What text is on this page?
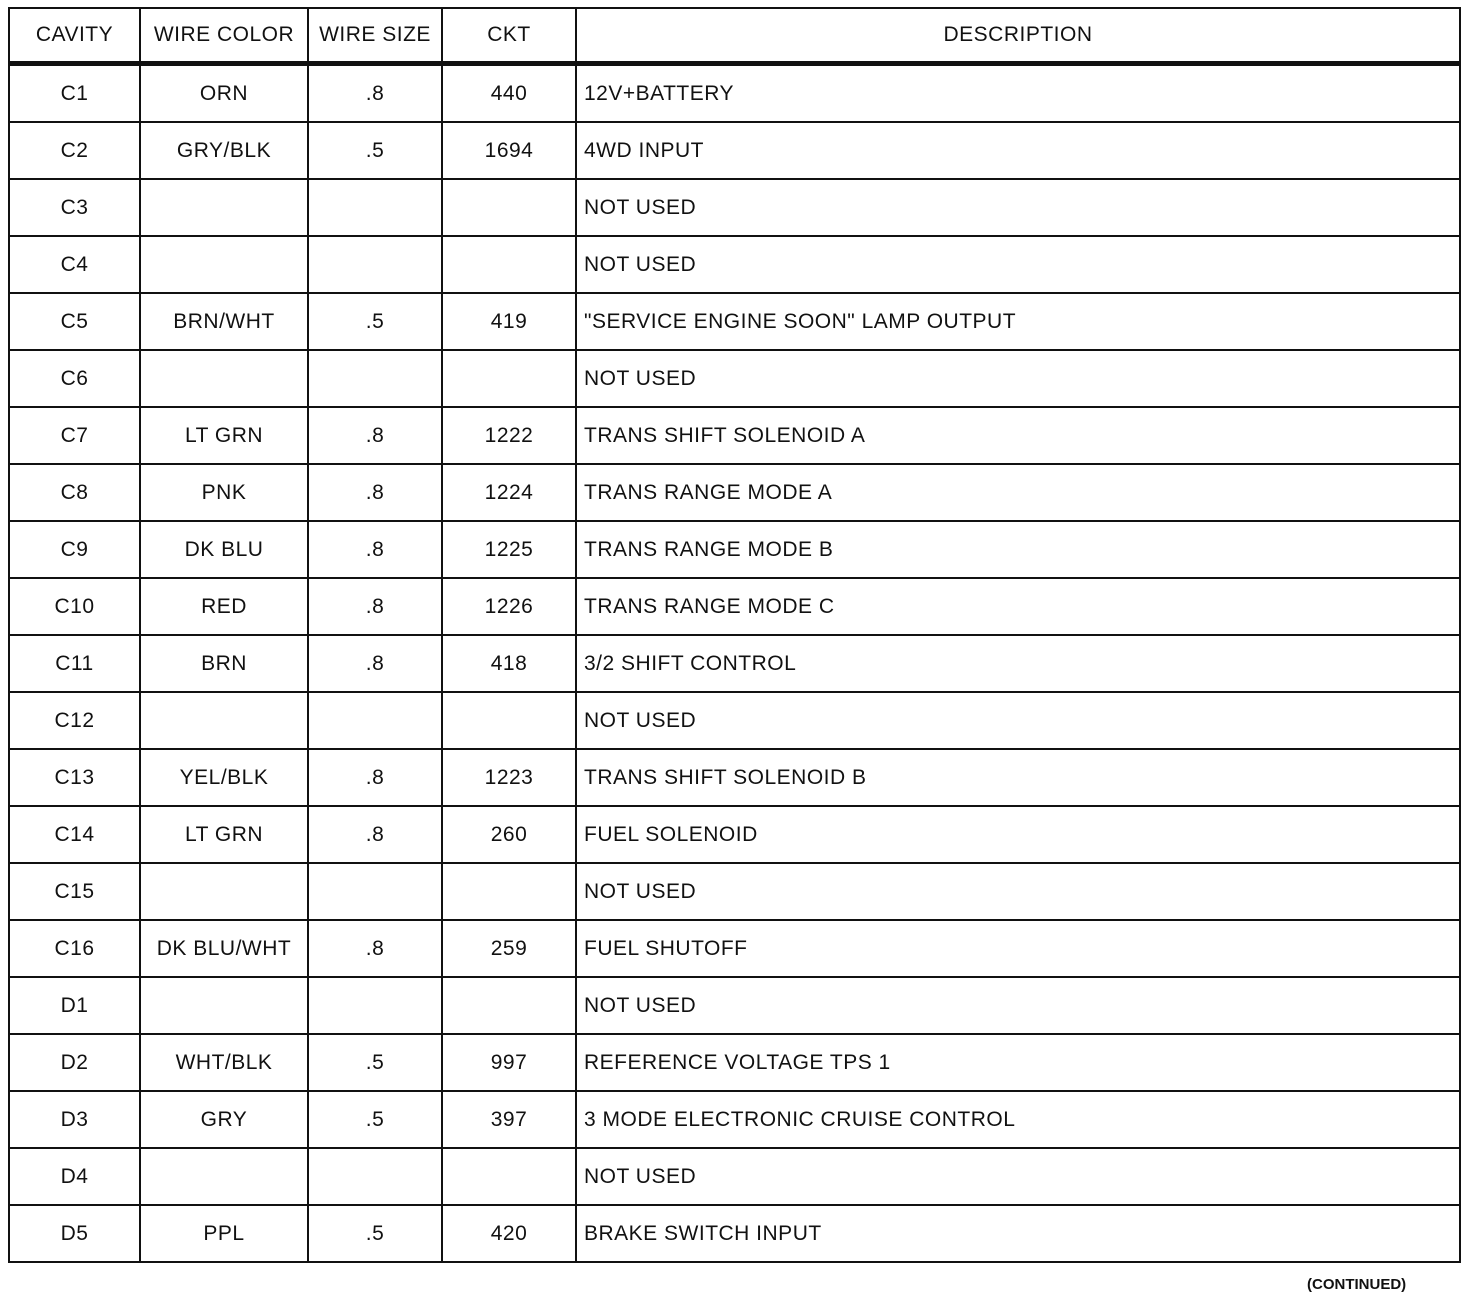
CAVITY	WIRE COLOR	WIRE SIZE	CKT	DESCRIPTION
C1	ORN	.8	440	12V+BATTERY
C2	GRY/BLK	.5	1694	4WD INPUT
C3				NOT USED
C4				NOT USED
C5	BRN/WHT	.5	419	"SERVICE ENGINE SOON" LAMP OUTPUT
C6				NOT USED
C7	LT GRN	.8	1222	TRANS SHIFT SOLENOID A
C8	PNK	.8	1224	TRANS RANGE MODE A
C9	DK BLU	.8	1225	TRANS RANGE MODE B
C10	RED	.8	1226	TRANS RANGE MODE C
C11	BRN	.8	418	3/2 SHIFT CONTROL
C12				NOT USED
C13	YEL/BLK	.8	1223	TRANS SHIFT SOLENOID B
C14	LT GRN	.8	260	FUEL SOLENOID
C15				NOT USED
C16	DK BLU/WHT	.8	259	FUEL SHUTOFF
D1				NOT USED
D2	WHT/BLK	.5	997	REFERENCE VOLTAGE TPS 1
D3	GRY	.5	397	3 MODE ELECTRONIC CRUISE CONTROL
D4				NOT USED
D5	PPL	.5	420	BRAKE SWITCH INPUT
(CONTINUED)
